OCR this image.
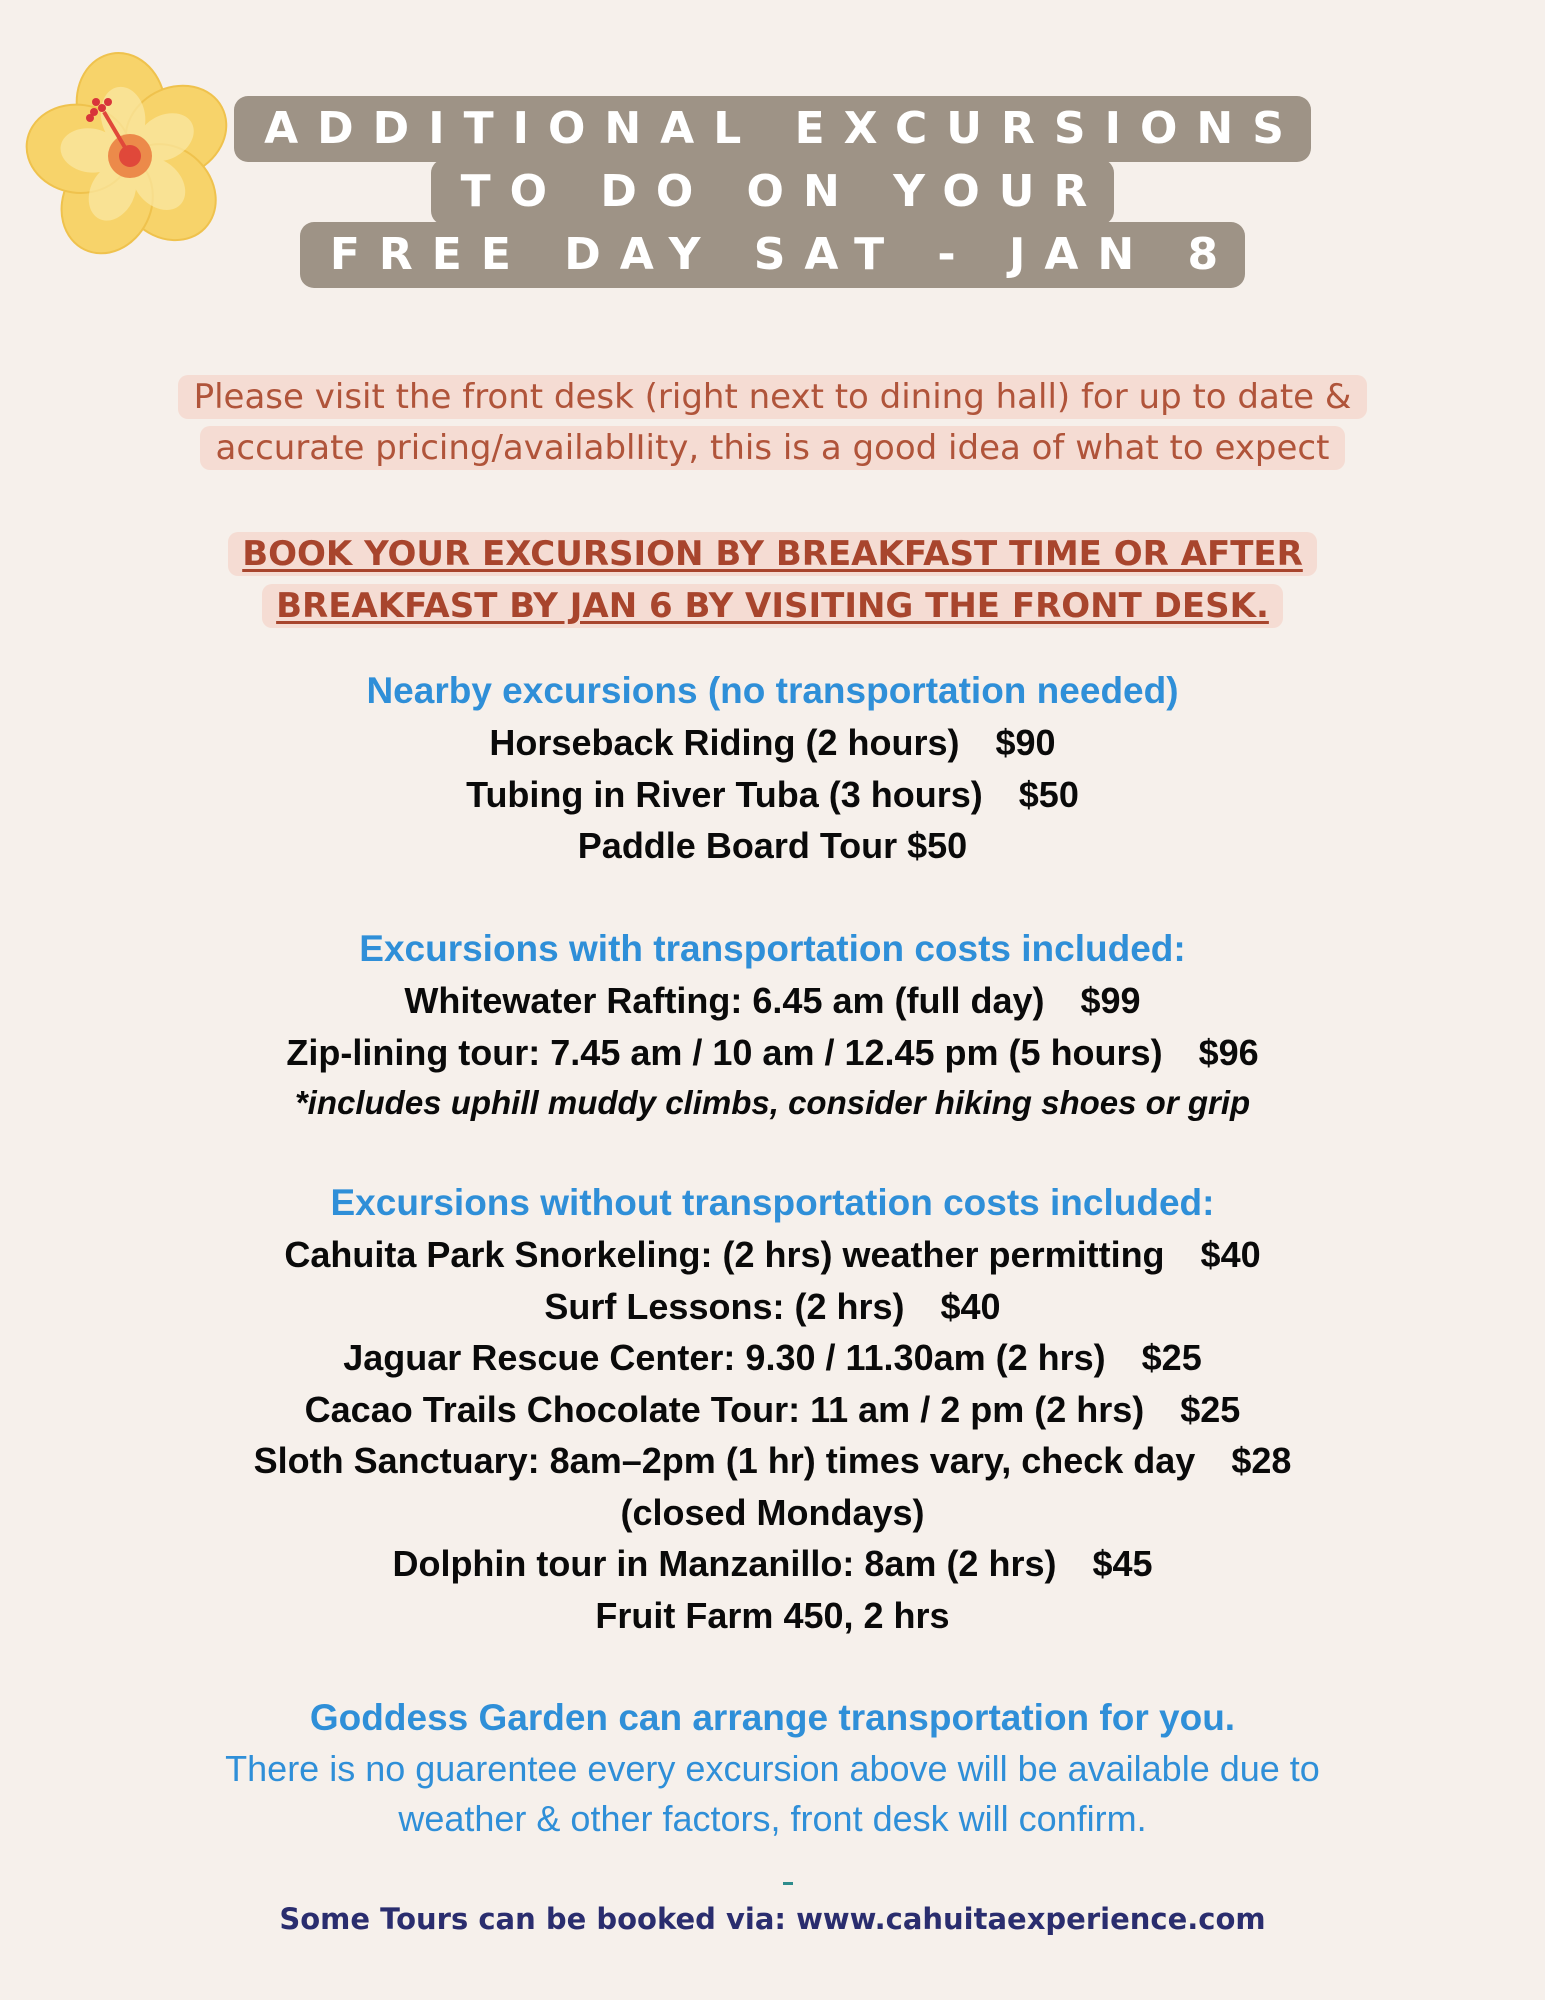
ADDITIONAL EXCURSIONS
TO DO ON YOUR
FREE DAY SAT - JAN 8
Please visit the front desk (right next to dining hall) for up to date &
accurate pricing/availablIity, this is a good idea of what to expect
BOOK YOUR EXCURSION BY BREAKFAST TIME OR AFTER
BREAKFAST BY JAN 6 BY VISITING THE FRONT DESK.
Nearby excursions (no transportation needed)
Horseback Riding (2 hours) $90
Tubing in River Tuba (3 hours) $50
Paddle Board Tour $50
Excursions with transportation costs included:
Whitewater Rafting: 6.45 am (full day) $99
Zip-lining tour: 7.45 am / 10 am / 12.45 pm (5 hours) $96
*includes uphill muddy climbs, consider hiking shoes or grip
Excursions without transportation costs included:
Cahuita Park Snorkeling: (2 hrs) weather permitting $40
Surf Lessons: (2 hrs) $40
Jaguar Rescue Center: 9.30 / 11.30am (2 hrs) $25
Cacao Trails Chocolate Tour: 11 am / 2 pm (2 hrs) $25
Sloth Sanctuary: 8am–2pm (1 hr) times vary, check day $28
(closed Mondays)
Dolphin tour in Manzanillo: 8am (2 hrs) $45
Fruit Farm 450, 2 hrs
Goddess Garden can arrange transportation for you.
There is no guarentee every excursion above will be available due to
weather & other factors, front desk will confirm.
Some Tours can be booked via: www.cahuitaexperience.com
